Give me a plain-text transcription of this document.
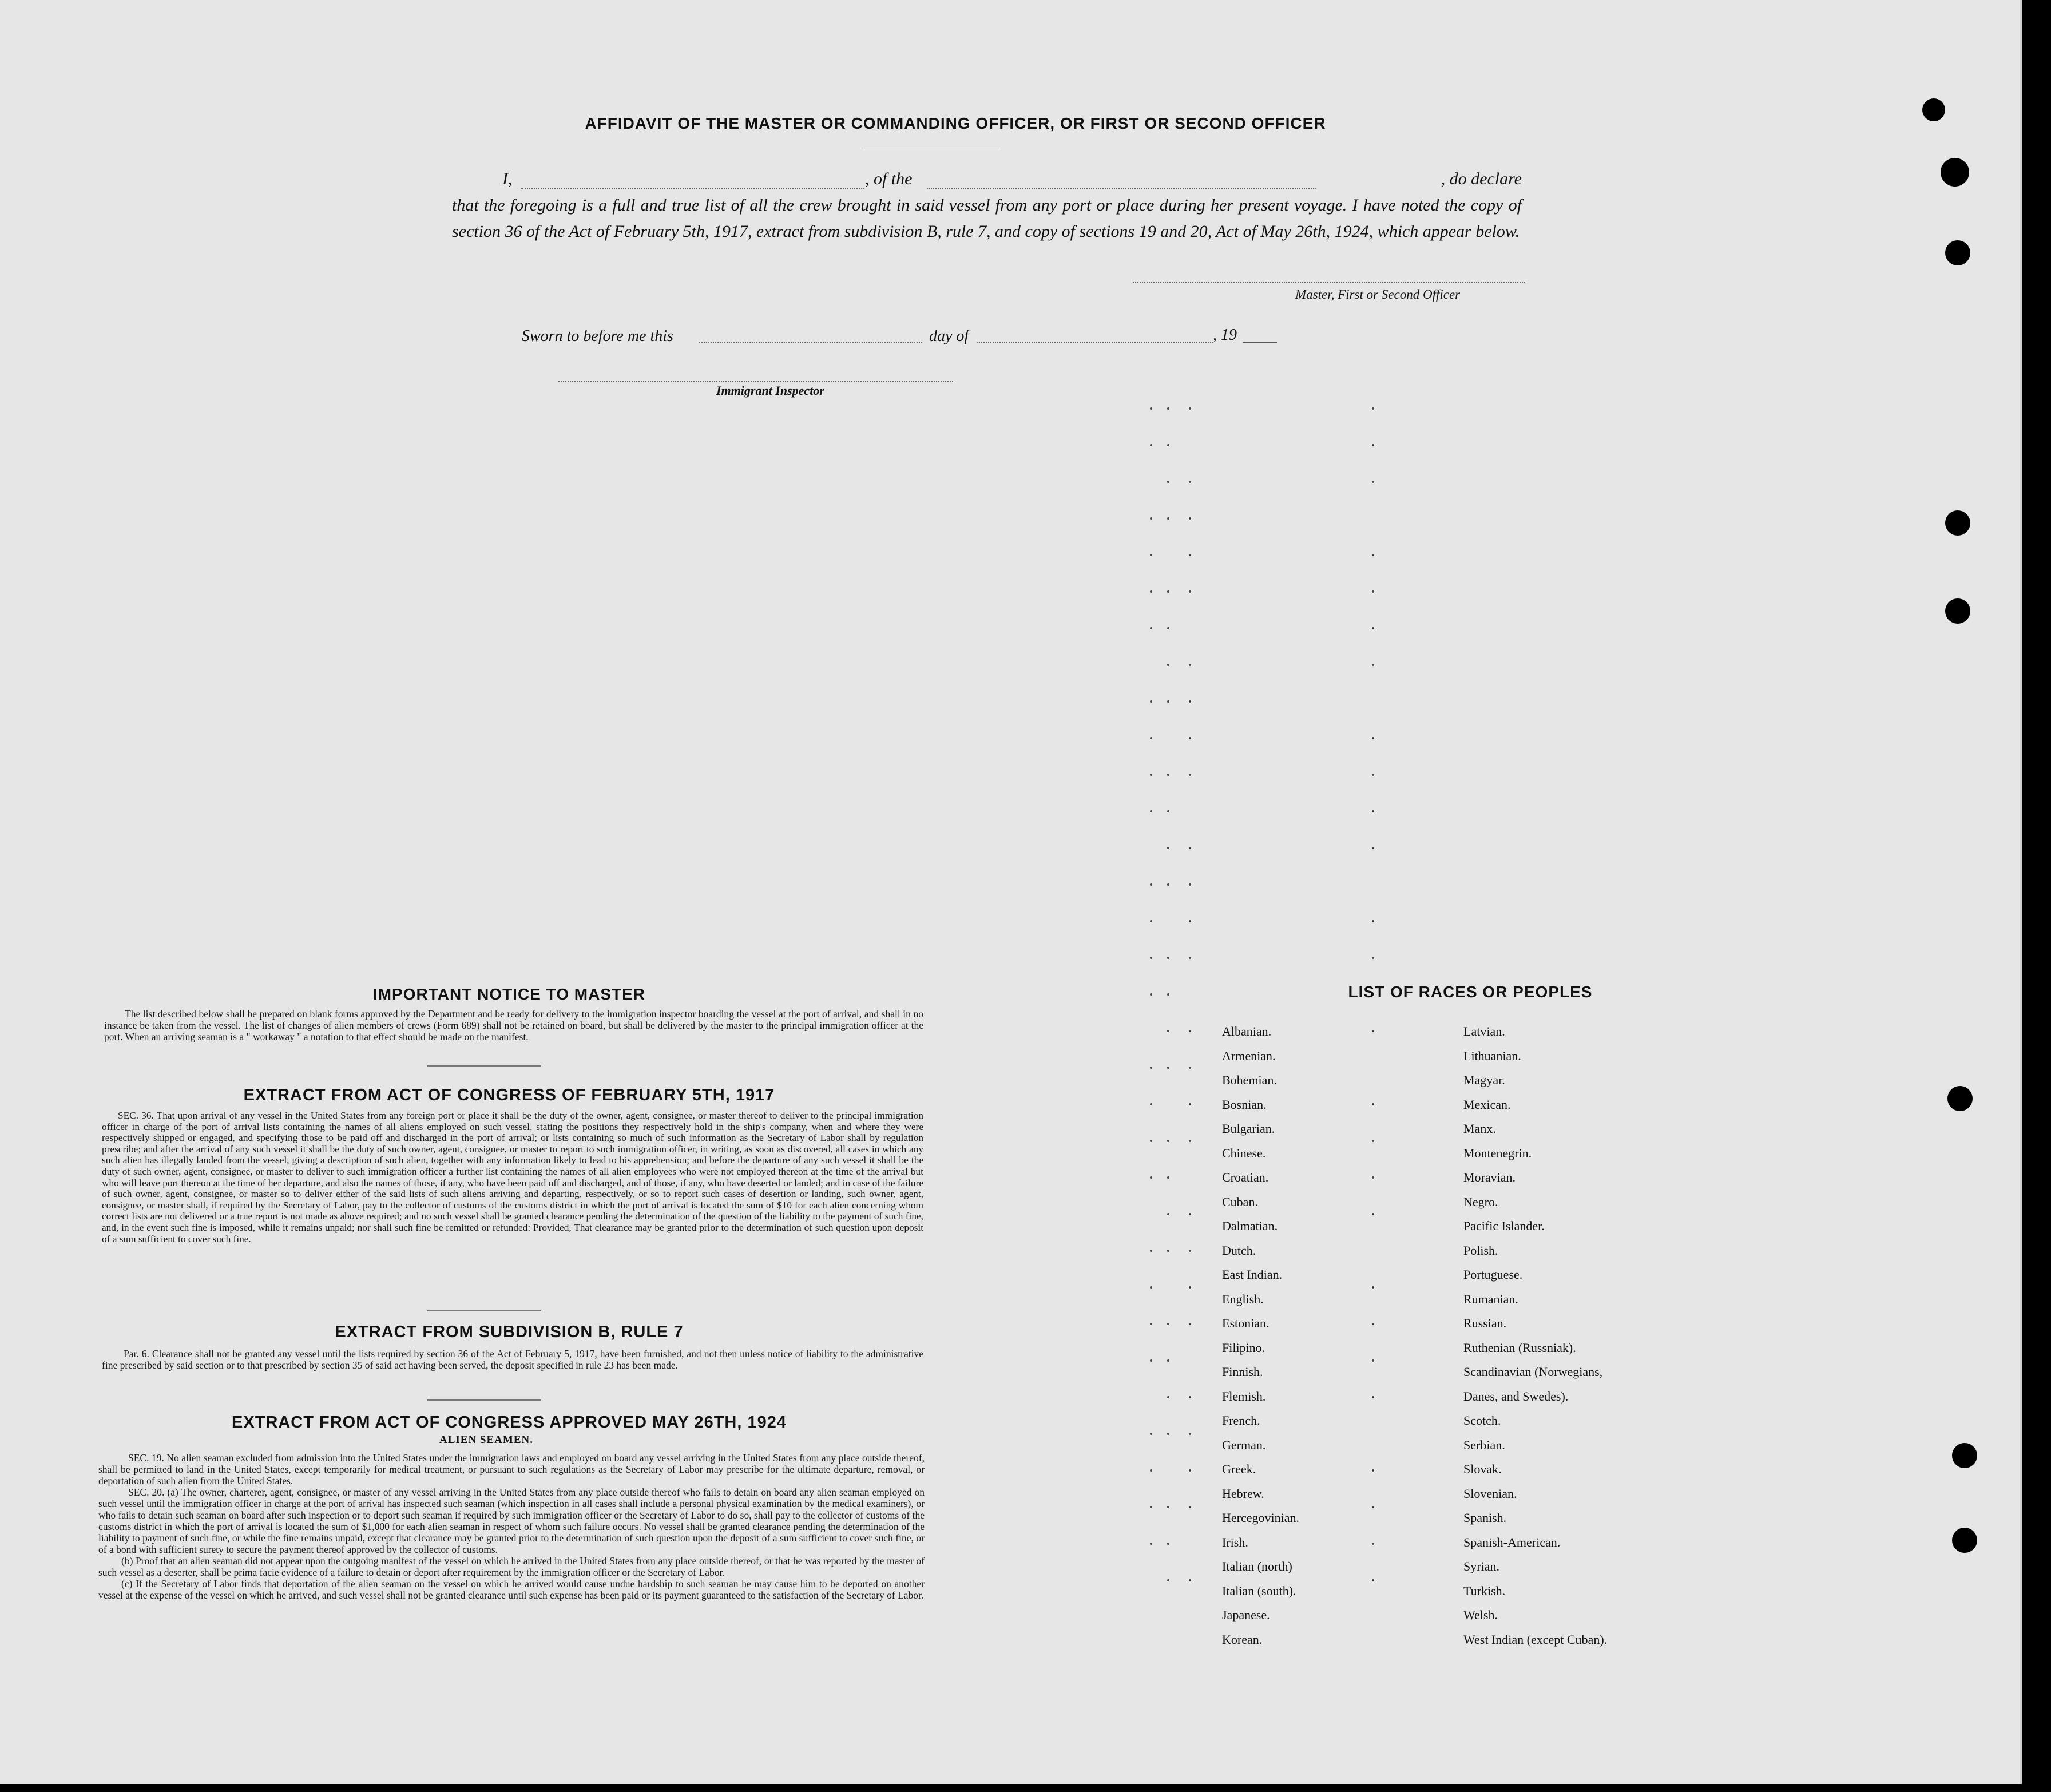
AFFIDAVIT OF THE MASTER OR COMMANDING OFFICER, OR FIRST OR SECOND OFFICER
I,	, of the	, do declare
that the foregoing is a full and true list of all the crew brought in said vessel from any port or place during her present voyage. I have noted the copy of section 36 of the Act of February 5th, 1917, extract from subdivision B, rule 7, and copy of sections 19 and 20, Act of May 26th, 1924, which appear below.
Master, First or Second Officer
Sworn to before me this	day of	, 19
Immigrant Inspector
IMPORTANT NOTICE TO MASTER
The list described below shall be prepared on blank forms approved by the Department and be ready for delivery to the immigration inspector boarding the vessel at the port of arrival, and shall in no instance be taken from the vessel. The list of changes of alien members of crews (Form 689) shall not be retained on board, but shall be delivered by the master to the principal immigration officer at the port. When an arriving seaman is a " workaway " a notation to that effect should be made on the manifest.
EXTRACT FROM ACT OF CONGRESS OF FEBRUARY 5TH, 1917
SEC. 36. That upon arrival of any vessel in the United States from any foreign port or place it shall be the duty of the owner, agent, consignee, or master thereof to deliver to the principal immigration officer in charge of the port of arrival lists containing the names of all aliens employed on such vessel, stating the positions they respectively hold in the ship's company, when and where they were respectively shipped or engaged, and specifying those to be paid off and discharged in the port of arrival; or lists containing so much of such information as the Secretary of Labor shall by regulation prescribe; and after the arrival of any such vessel it shall be the duty of such owner, agent, consignee, or master to report to such immigration officer, in writing, as soon as discovered, all cases in which any such alien has illegally landed from the vessel, giving a description of such alien, together with any information likely to lead to his apprehension; and before the departure of any such vessel it shall be the duty of such owner, agent, consignee, or master to deliver to such immigration officer a further list containing the names of all alien employees who were not employed thereon at the time of the arrival but who will leave port thereon at the time of her departure, and also the names of those, if any, who have been paid off and discharged, and of those, if any, who have deserted or landed; and in case of the failure of such owner, agent, consignee, or master so to deliver either of the said lists of such aliens arriving and departing, respectively, or so to report such cases of desertion or landing, such owner, agent, consignee, or master shall, if required by the Secretary of Labor, pay to the collector of customs of the customs district in which the port of arrival is located the sum of $10 for each alien concerning whom correct lists are not delivered or a true report is not made as above required; and no such vessel shall be granted clearance pending the determination of the question of the liability to the payment of such fine, and, in the event such fine is imposed, while it remains unpaid; nor shall such fine be remitted or refunded: Provided, That clearance may be granted prior to the determination of such question upon deposit of a sum sufficient to cover such fine.
EXTRACT FROM SUBDIVISION B, RULE 7
Par. 6. Clearance shall not be granted any vessel until the lists required by section 36 of the Act of February 5, 1917, have been furnished, and not then unless notice of liability to the administrative fine prescribed by said section or to that prescribed by section 35 of said act having been served, the deposit specified in rule 23 has been made.
EXTRACT FROM ACT OF CONGRESS APPROVED MAY 26TH, 1924
ALIEN SEAMEN.
SEC. 19. No alien seaman excluded from admission into the United States under the immigration laws and employed on board any vessel arriving in the United States from any place outside thereof, shall be permitted to land in the United States, except temporarily for medical treatment, or pursuant to such regulations as the Secretary of Labor may prescribe for the ultimate departure, removal, or deportation of such alien from the United States.
SEC. 20. (a) The owner, charterer, agent, consignee, or master of any vessel arriving in the United States from any place outside thereof who fails to detain on board any alien seaman employed on such vessel until the immigration officer in charge at the port of arrival has inspected such seaman (which inspection in all cases shall include a personal physical examination by the medical examiners), or who fails to detain such seaman on board after such inspection or to deport such seaman if required by such immigration officer or the Secretary of Labor to do so, shall pay to the collector of customs of the customs district in which the port of arrival is located the sum of $1,000 for each alien seaman in respect of whom such failure occurs. No vessel shall be granted clearance pending the determination of the liability to payment of such fine, or while the fine remains unpaid, except that clearance may be granted prior to the determination of such question upon the deposit of a sum sufficient to cover such fine, or of a bond with sufficient surety to secure the payment thereof approved by the collector of customs.
(b) Proof that an alien seaman did not appear upon the outgoing manifest of the vessel on which he arrived in the United States from any place outside thereof, or that he was reported by the master of such vessel as a deserter, shall be prima facie evidence of a failure to detain or deport after requirement by the immigration officer or the Secretary of Labor.
(c) If the Secretary of Labor finds that deportation of the alien seaman on the vessel on which he arrived would cause undue hardship to such seaman he may cause him to be deported on another vessel at the expense of the vessel on which he arrived, and such vessel shall not be granted clearance until such expense has been paid or its payment guaranteed to the satisfaction of the Secretary of Labor.
LIST OF RACES OR PEOPLES
Albanian.
Armenian.
Bohemian.
Bosnian.
Bulgarian.
Chinese.
Croatian.
Cuban.
Dalmatian.
Dutch.
East Indian.
English.
Estonian.
Filipino.
Finnish.
Flemish.
French.
German.
Greek.
Hebrew.
Hercegovinian.
Irish.
Italian (north)
Italian (south).
Japanese.
Korean.
Latvian.
Lithuanian.
Magyar.
Mexican.
Manx.
Montenegrin.
Moravian.
Negro.
Pacific Islander.
Polish.
Portuguese.
Rumanian.
Russian.
Ruthenian (Russniak).
Scandinavian (Norwegians,
Danes, and Swedes).
Scotch.
Serbian.
Slovak.
Slovenian.
Spanish.
Spanish-American.
Syrian.
Turkish.
Welsh.
West Indian (except Cuban).
